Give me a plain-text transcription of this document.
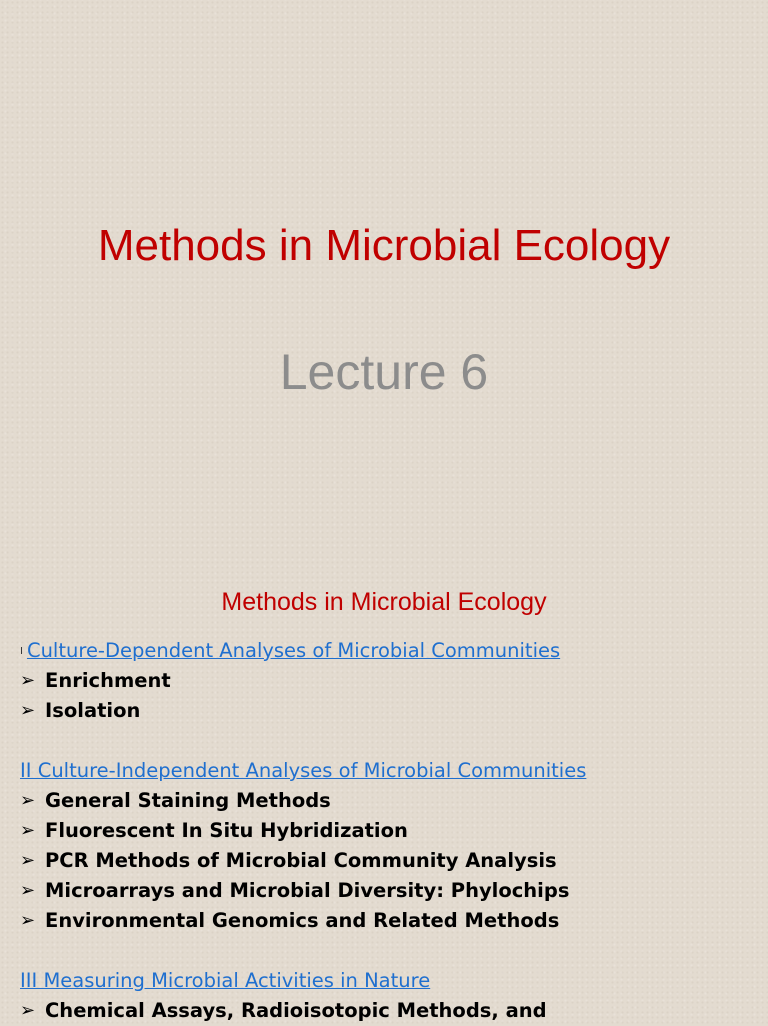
Methods in Microbial Ecology
Lecture 6
Methods in Microbial Ecology
I Culture-Dependent Analyses of Microbial Communities
➢ Enrichment
➢ Isolation
II Culture-Independent Analyses of Microbial Communities
➢ General Staining Methods
➢ Fluorescent In Situ Hybridization
➢ PCR Methods of Microbial Community Analysis
➢ Microarrays and Microbial Diversity: Phylochips
➢ Environmental Genomics and Related Methods
III Measuring Microbial Activities in Nature
➢ Chemical Assays, Radioisotopic Methods, and
